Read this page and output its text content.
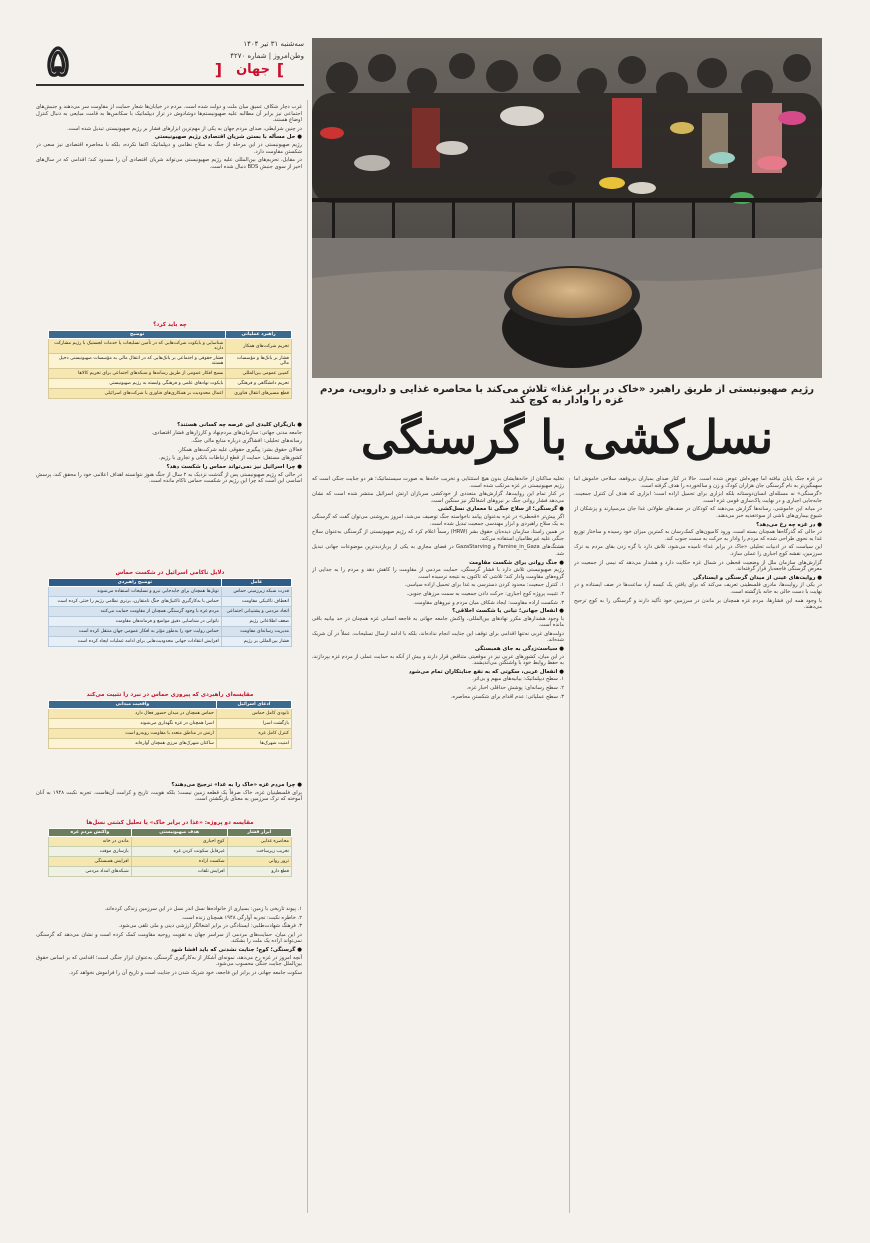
۵	سه‌شنبه ۳۱ تیر ۱۴۰۴
وطن‌امروز | شماره ۴۲۷۰
[ جهان ]
رژیم صهیونیستی از طریق راهبرد «خاک در برابر غذا» تلاش می‌کند با محاصره غذایی و دارویی، مردم غزه را وادار به کوچ کند
نسل‌کشی با گرسنگی

در غزه جنگ پایان نیافته اما چهره‌اش عوض شده است. حالا در کنار صدای بمباران بی‌وقفه، سلاحی خاموش اما سهمگین‌تر به نام گرسنگی جان هزاران کودک و زن و سالخورده را هدف گرفته است.

«گرسنگی» نه مسئله‌ای انسان‌دوستانه بلکه ابزاری برای تحمیل اراده است؛ ابزاری که هدف آن کنترل جمعیت، جابه‌جایی اجباری و در نهایت پاک‌سازی قومی غزه است.

در میانه این خاموشی، رسانه‌ها گزارش می‌دهند که کودکان در صف‌های طولانی غذا جان می‌سپارند و پزشکان از شیوع بیماری‌های ناشی از سوءتغذیه خبر می‌دهند.

● در غزه چه رخ می‌دهد؟

در حالی که گذرگاه‌ها همچنان بسته است، ورود کامیون‌های کمک‌رسان به کمترین میزان خود رسیده و ساختار توزیع غذا به نحوی طراحی شده که مردم را وادار به حرکت به سمت جنوب کند.

این سیاست که در ادبیات تحلیلی «خاک در برابر غذا» نامیده می‌شود، تلاش دارد با گره زدن بقای مردم به ترک سرزمین، نقشه کوچ اجباری را عملی سازد.

گزارش‌های سازمان ملل از وضعیت قحطی در شمال غزه حکایت دارد و هشدار می‌دهد که نیمی از جمعیت در معرض گرسنگی فاجعه‌بار قرار گرفته‌اند.

● روایت‌های عینی از میدان گرسنگی و ایستادگی

در یکی از روایت‌ها، مادری فلسطینی تعریف می‌کند که برای یافتن یک کیسه آرد ساعت‌ها در صف ایستاده و در نهایت با دست خالی به خانه بازگشته است.

با وجود همه این فشارها، مردم غزه همچنان بر ماندن در سرزمین خود تأکید دارند و گرسنگی را به کوچ ترجیح می‌دهند.

تخلیه ساکنان از خانه‌هایشان بدون هیچ استثنایی و تخریب خانه‌ها به صورت سیستماتیک؛ هر دو جنایت جنگی است که رژیم صهیونیستی در غزه مرتکب شده است.

در کنار تمام این روایت‌ها، گزارش‌های متعددی از خودکشی سربازان ارتش اسرائیل منتشر شده است که نشان می‌دهد فشار روانی جنگ بر نیروهای اشغالگر نیز سنگین است.

● گرسنگی؛ از سلاح جنگی تا معماری نسل‌کشی

اگر پیش‌تر «قحطی» در غزه به‌عنوان پیامد ناخواسته جنگ توصیف می‌شد، امروز به‌روشنی می‌توان گفت که گرسنگی به یک سلاح راهبردی و ابزار مهندسی جمعیت تبدیل شده است.

در همین راستا، سازمان دیده‌بان حقوق بشر (HRW) رسماً اعلام کرد که رژیم صهیونیستی از گرسنگی به‌عنوان سلاح جنگی علیه غیرنظامیان استفاده می‌کند.

هشتگ‌های Famine_in_Gaza و GazaStarving در فضای مجازی به یکی از پربازدیدترین موضوعات جهانی تبدیل شد.

● جنگ روانی برای شکست مقاومت

رژیم صهیونیستی تلاش دارد با فشار گرسنگی، حمایت مردمی از مقاومت را کاهش دهد و مردم را به جدایی از گروه‌های مقاومت وادار کند؛ تلاشی که تاکنون به نتیجه نرسیده است.

۱. کنترل جمعیت: محدود کردن دسترسی به غذا برای تحمیل اراده سیاسی.

۲. تثبیت پروژه کوچ اجباری: حرکت دادن جمعیت به سمت مرزهای جنوبی.

۳. شکست اراده مقاومت: ایجاد شکاف میان مردم و نیروهای مقاومت.

● انفعال جهانی؛ تبانی یا شکست اخلاقی؟

با وجود هشدارهای مکرر نهادهای بین‌المللی، واکنش جامعه جهانی به فاجعه انسانی غزه همچنان در حد بیانیه باقی مانده است.

دولت‌های غربی نه‌تنها اقدامی برای توقف این جنایت انجام نداده‌اند، بلکه با ادامه ارسال تسلیحات، عملاً در آن شریک شده‌اند.

● سیاست‌زدگی به جای همبستگی

در این میان، کشورهای عربی نیز در موقعیتی متناقض قرار دارند و بیش از آنکه به حمایت عملی از مردم غزه بپردازند، به حفظ روابط خود با واشنگتن می‌اندیشند.

● انفعال عربی، سکوتی که به نفع جنایتکاران تمام می‌شود

۱. سطح دیپلماتیک: بیانیه‌های مبهم و بی‌اثر.

۲. سطح رسانه‌ای: پوشش حداقلی اخبار غزه.

۳. سطح عملیاتی: عدم اقدام برای شکستن محاصره.

غرب دچار شکاف عمیق میان ملت و دولت شده است. مردم در خیابان‌ها شعار حمایت از مقاومت سر می‌دهند و جنبش‌های اجتماعی نیز برابر آن مطالبه علیه صهیونیستم‌ها دوشادوش در تراز دیپلماتیک با سکانس‌ها به قامت مبایعی به دنبال کنترل اوضاع هستند.

در چنین شرایطی، صدای مردم جهان به یکی از مهم‌ترین ابزارهای فشار بر رژیم صهیونیستی تبدیل شده است.

● حل مسأله با بستن شریان اقتصادی رژیم صهیونیستی

رژیم صهیونیستی در این مرحله از جنگ به سلاح نظامی و دیپلماتیک اکتفا نکرده، بلکه با محاصره اقتصادی نیز سعی در شکستن مقاومت دارد.

در مقابل، تحریم‌های بین‌المللی علیه رژیم صهیونیستی می‌تواند شریان اقتصادی آن را مسدود کند؛ اقدامی که در سال‌های اخیر از سوی جنبش BDS دنبال شده است.

چه باید کرد؟
راهبرد عملیاتی	توضیح
تحریم شرکت‌های همکار	شناسایی و بایکوت شرکت‌هایی که در تأمین تسلیحات یا خدمات لجستیک با رژیم مشارکت دارند
فشار بر بانک‌ها و مؤسسات مالی	فشار حقوقی و اجتماعی بر بانک‌هایی که در انتقال مالی به مؤسسات صهیونیستی دخیل هستند
کمپین عمومی بین‌المللی	بسیج افکار عمومی از طریق رسانه‌ها و شبکه‌های اجتماعی برای تحریم کالاها
تحریم دانشگاهی و فرهنگی	بایکوت نهادهای علمی و فرهنگی وابسته به رژیم صهیونیستی
قطع مسیرهای انتقال فناوری	اعمال محدودیت بر همکاری‌های فناوری با شرکت‌های اسرائیلی
● بازیگران کلیدی این عرصه چه کسانی هستند؟

جامعه مدنی جهانی: سازمان‌های مردم‌نهاد و کارزارهای فشار اقتصادی.

رسانه‌های تحلیلی: افشاگری درباره منابع مالی جنگ.

فعالان حقوق بشر: پیگیری حقوقی علیه شرکت‌های همکار.

کشورهای مستقل: حمایت از قطع ارتباطات بانکی و تجاری با رژیم.

● چرا اسرائیل نیز نمی‌تواند حماس را شکست دهد؟

در حالی که رژیم صهیونیستی پس از گذشت نزدیک به ۲ سال از جنگ هنوز نتوانسته اهداف اعلامی خود را محقق کند، پرسش اساسی این است که چرا این رژیم در شکست حماس ناکام مانده است.

دلایل ناکامی اسرائیل در شکست حماس
عامل	توضیح راهبردی
قدرت شبکه زیرزمینی حماس	تونل‌ها همچنان برای جابه‌جایی نیرو و تسلیحات استفاده می‌شوند
انعطاف تاکتیکی مقاومت	حماس با به‌کارگیری تاکتیک‌های جنگ نامتقارن، برتری نظامی رژیم را خنثی کرده است
اتحاد مردمی و پشتیبانی اجتماعی	مردم غزه با وجود گرسنگی همچنان از مقاومت حمایت می‌کنند
ضعف اطلاعاتی رژیم	ناتوانی در شناسایی دقیق مواضع و فرماندهان مقاومت
مدیریت رسانه‌ای مقاومت	حماس روایت خود را به‌طور مؤثر به افکار عمومی جهان منتقل کرده است
فشار بین‌المللی بر رژیم	افزایش انتقادات جهانی محدودیت‌هایی برای ادامه عملیات ایجاد کرده است
مقایسه‌ای راهبردی که پیروزی حماس در نبرد را تثبیت می‌کند
ادعای اسرائیل	واقعیت میدانی
نابودی کامل حماس	حماس همچنان در میدان حضور فعال دارد
بازگشت اسرا	اسرا همچنان در غزه نگهداری می‌شوند
کنترل کامل غزه	ارتش در مناطق متعدد با مقاومت روبه‌رو است
امنیت شهرک‌ها	ساکنان شهرک‌های مرزی همچنان آواره‌اند
● چرا مردم غزه «خاک را به غذا» ترجیح می‌دهند؟

برای فلسطینیان غزه، خاک صرفاً یک قطعه زمین نیست؛ بلکه هویت، تاریخ و کرامت آن‌هاست. تجربه نکبت ۱۹۴۸ به آنان آموخته که ترک سرزمین به معنای بازنگشتن است.

مقایسه دو پروژه: «غذا در برابر خاک» یا تحلیل کشتی نسل‌ها
ابزار فشار	هدف صهیونیستی	واکنش مردم غزه
محاصره غذایی	کوچ اجباری	ماندن در خانه
تخریب زیرساخت	غیرقابل سکونت کردن غزه	بازسازی موقت
ترور روانی	شکست اراده	افزایش همبستگی
قطع دارو	افزایش تلفات	شبکه‌های امداد مردمی

۱. پیوند تاریخی با زمین: بسیاری از خانواده‌ها نسل اندر نسل در این سرزمین زندگی کرده‌اند.

۲. خاطره نکبت: تجربه آوارگی ۱۹۴۸ همچنان زنده است.

۳. فرهنگ شهادت‌طلبی: ایستادگی در برابر اشغالگر ارزشی دینی و ملی تلقی می‌شود.

در این میان، حمایت‌های مردمی از سراسر جهان به تقویت روحیه مقاومت کمک کرده است و نشان می‌دهد که گرسنگی نمی‌تواند اراده یک ملت را بشکند.

● گرسنگی؛ کوچ؛ جنایت نشدنی که باید افشا شود

آنچه امروز در غزه رخ می‌دهد، نمونه‌ای آشکار از به‌کارگیری گرسنگی به‌عنوان ابزار جنگی است؛ اقدامی که بر اساس حقوق بین‌الملل جنایت جنگی محسوب می‌شود.

سکوت جامعه جهانی در برابر این فاجعه، خود شریک شدن در جنایت است و تاریخ آن را فراموش نخواهد کرد.
